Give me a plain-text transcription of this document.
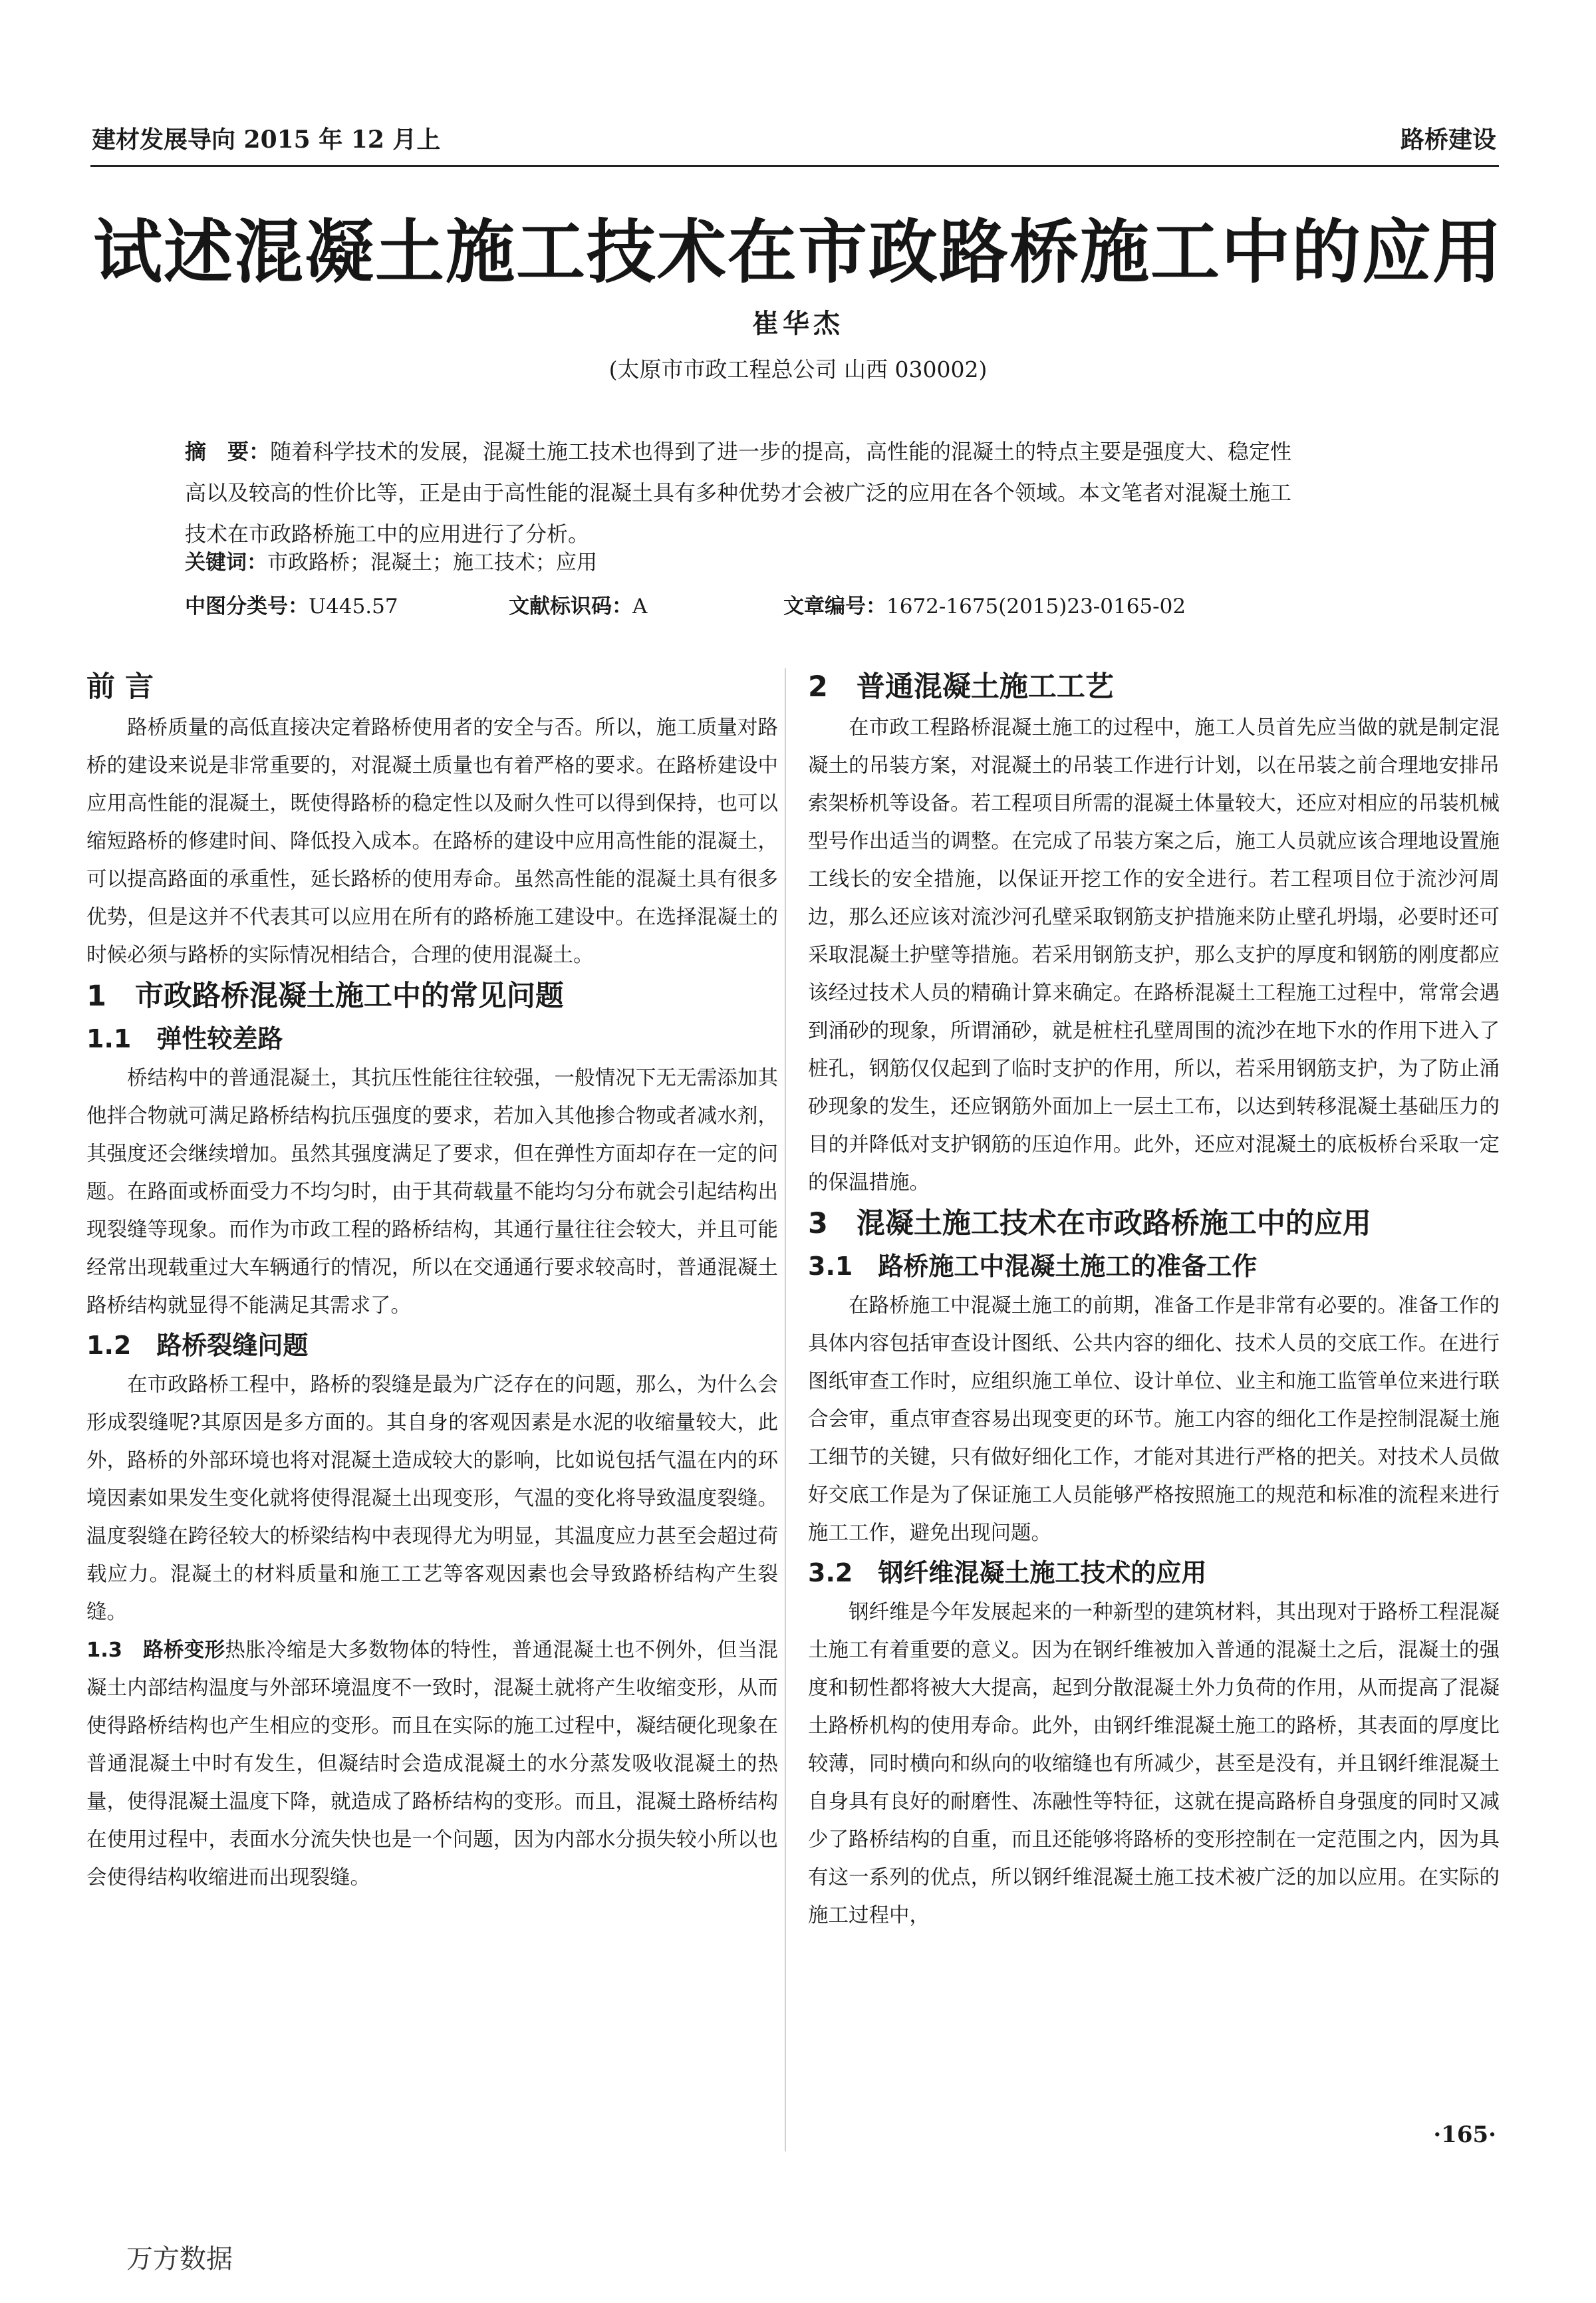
建材发展导向 2015 年 12 月上	路桥建设
试述混凝土施工技术在市政路桥施工中的应用
崔华杰
(太原市市政工程总公司 山西 030002)
摘　要：随着科学技术的发展，混凝土施工技术也得到了进一步的提高，高性能的混凝土的特点主要是强度大、稳定性
高以及较高的性价比等，正是由于高性能的混凝土具有多种优势才会被广泛的应用在各个领域。本文笔者对混凝土施工
技术在市政路桥施工中的应用进行了分析。
关键词：市政路桥；混凝土；施工技术；应用
中图分类号：U445.57	文献标识码：A	文章编号：1672-1675(2015)23-0165-02

前 言

路桥质量的高低直接决定着路桥使用者的安全与否。所以，施工质量对路桥的建设来说是非常重要的，对混凝土质量也有着严格的要求。在路桥建设中应用高性能的混凝土，既使得路桥的稳定性以及耐久性可以得到保持，也可以缩短路桥的修建时间、降低投入成本。在路桥的建设中应用高性能的混凝土，可以提高路面的承重性，延长路桥的使用寿命。虽然高性能的混凝土具有很多优势，但是这并不代表其可以应用在所有的路桥施工建设中。在选择混凝土的时候必须与路桥的实际情况相结合，合理的使用混凝土。

1　市政路桥混凝土施工中的常见问题

1.1　弹性较差路

桥结构中的普通混凝土，其抗压性能往往较强，一般情况下无无需添加其他拌合物就可满足路桥结构抗压强度的要求，若加入其他掺合物或者减水剂，其强度还会继续增加。虽然其强度满足了要求，但在弹性方面却存在一定的问题。在路面或桥面受力不均匀时，由于其荷载量不能均匀分布就会引起结构出现裂缝等现象。而作为市政工程的路桥结构，其通行量往往会较大，并且可能经常出现载重过大车辆通行的情况，所以在交通通行要求较高时，普通混凝土路桥结构就显得不能满足其需求了。

1.2　路桥裂缝问题

在市政路桥工程中，路桥的裂缝是最为广泛存在的问题，那么，为什么会形成裂缝呢?其原因是多方面的。其自身的客观因素是水泥的收缩量较大，此外，路桥的外部环境也将对混凝土造成较大的影响，比如说包括气温在内的环境因素如果发生变化就将使得混凝土出现变形，气温的变化将导致温度裂缝。温度裂缝在跨径较大的桥梁结构中表现得尤为明显，其温度应力甚至会超过荷载应力。混凝土的材料质量和施工工艺等客观因素也会导致路桥结构产生裂缝。

1.3　路桥变形热胀冷缩是大多数物体的特性，普通混凝土也不例外，但当混凝土内部结构温度与外部环境温度不一致时，混凝土就将产生收缩变形，从而使得路桥结构也产生相应的变形。而且在实际的施工过程中，凝结硬化现象在普通混凝土中时有发生，但凝结时会造成混凝土的水分蒸发吸收混凝土的热量，使得混凝土温度下降，就造成了路桥结构的变形。而且，混凝土路桥结构在使用过程中，表面水分流失快也是一个问题，因为内部水分损失较小所以也会使得结构收缩进而出现裂缝。

2　普通混凝土施工工艺

在市政工程路桥混凝土施工的过程中，施工人员首先应当做的就是制定混凝土的吊装方案，对混凝土的吊装工作进行计划，以在吊装之前合理地安排吊索架桥机等设备。若工程项目所需的混凝土体量较大，还应对相应的吊装机械型号作出适当的调整。在完成了吊装方案之后，施工人员就应该合理地设置施工线长的安全措施，以保证开挖工作的安全进行。若工程项目位于流沙河周边，那么还应该对流沙河孔壁采取钢筋支护措施来防止壁孔坍塌，必要时还可采取混凝土护壁等措施。若采用钢筋支护，那么支护的厚度和钢筋的刚度都应该经过技术人员的精确计算来确定。在路桥混凝土工程施工过程中，常常会遇到涌砂的现象，所谓涌砂，就是桩柱孔壁周围的流沙在地下水的作用下进入了桩孔，钢筋仅仅起到了临时支护的作用，所以，若采用钢筋支护，为了防止涌砂现象的发生，还应钢筋外面加上一层土工布，以达到转移混凝土基础压力的目的并降低对支护钢筋的压迫作用。此外，还应对混凝土的底板桥台采取一定的保温措施。

3　混凝土施工技术在市政路桥施工中的应用

3.1　路桥施工中混凝土施工的准备工作

在路桥施工中混凝土施工的前期，准备工作是非常有必要的。准备工作的具体内容包括审查设计图纸、公共内容的细化、技术人员的交底工作。在进行图纸审查工作时，应组织施工单位、设计单位、业主和施工监管单位来进行联合会审，重点审查容易出现变更的环节。施工内容的细化工作是控制混凝土施工细节的关键，只有做好细化工作，才能对其进行严格的把关。对技术人员做好交底工作是为了保证施工人员能够严格按照施工的规范和标准的流程来进行施工工作，避免出现问题。

3.2　钢纤维混凝土施工技术的应用

钢纤维是今年发展起来的一种新型的建筑材料，其出现对于路桥工程混凝土施工有着重要的意义。因为在钢纤维被加入普通的混凝土之后，混凝土的强度和韧性都将被大大提高，起到分散混凝土外力负荷的作用，从而提高了混凝土路桥机构的使用寿命。此外，由钢纤维混凝土施工的路桥，其表面的厚度比较薄，同时横向和纵向的收缩缝也有所减少，甚至是没有，并且钢纤维混凝土自身具有良好的耐磨性、冻融性等特征，这就在提高路桥自身强度的同时又减少了路桥结构的自重，而且还能够将路桥的变形控制在一定范围之内，因为具有这一系列的优点，所以钢纤维混凝土施工技术被广泛的加以应用。在实际的施工过程中，

·165·
万方数据
